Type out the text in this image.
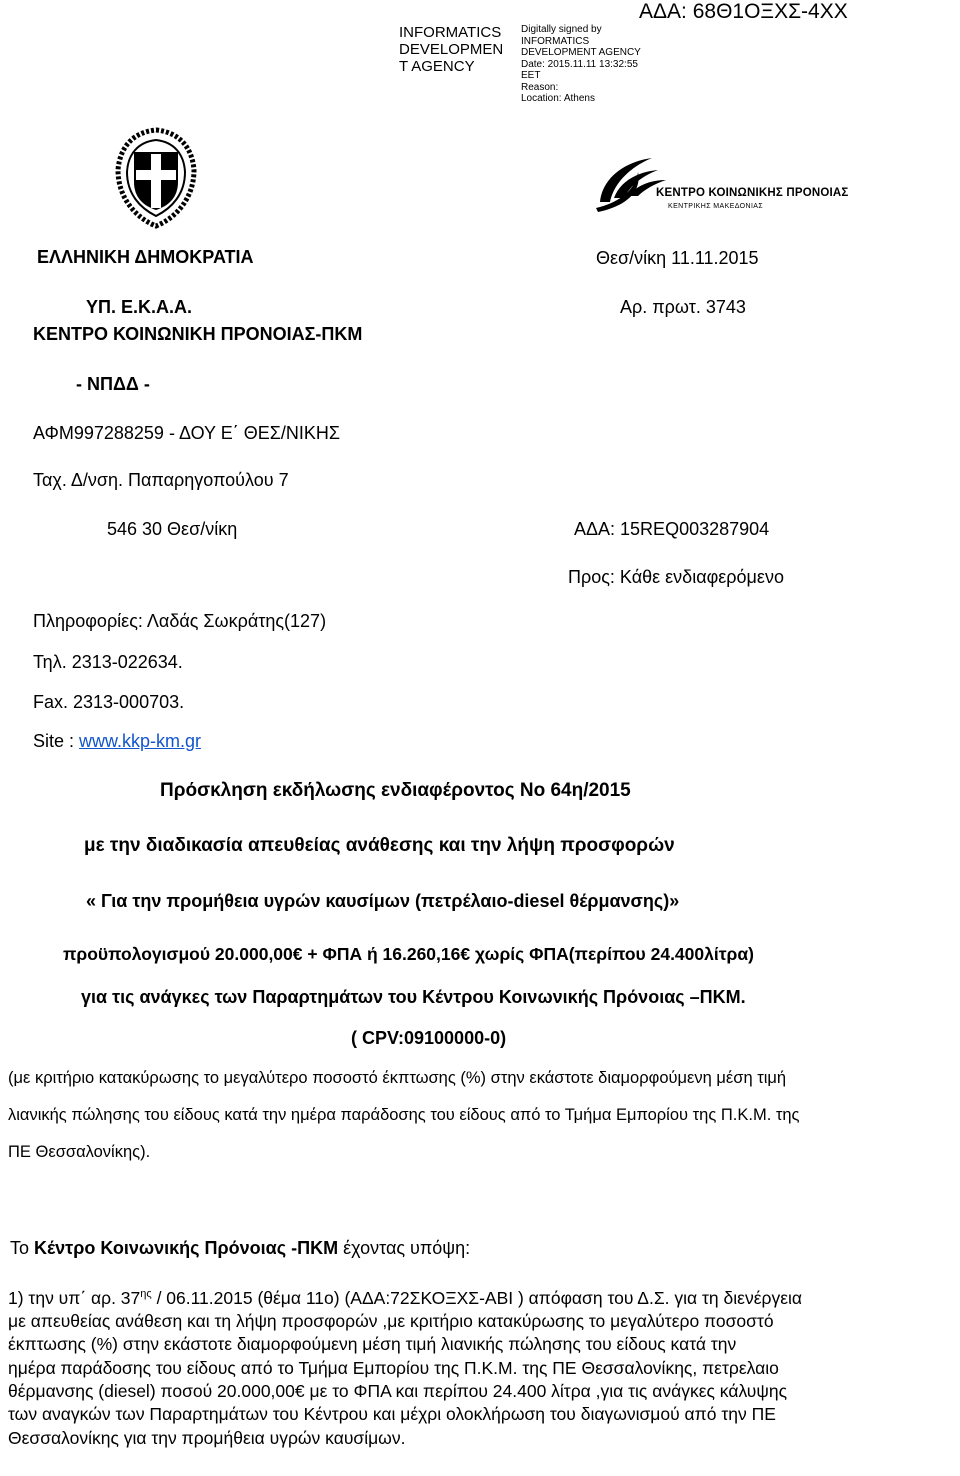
INFORMATICS
DEVELOPMEN
T AGENCY
Digitally signed by
INFORMATICS
DEVELOPMENT AGENCY
Date: 2015.11.11 13:32:55
EET
Reason:
Location: Athens
ΑΔΑ: 68Θ1ΟΞΧΣ-4ΧΧ
ΚΕΝΤΡΟ ΚΟΙΝΩΝΙΚΗΣ ΠΡΟΝΟΙΑΣ
ΚΕΝΤΡΙΚΗΣ ΜΑΚΕΔΟΝΙΑΣ
ΕΛΛΗΝΙΚΗ ΔΗΜΟΚΡΑΤΙΑ
ΥΠ. Ε.Κ.Α.Α.
ΚΕΝΤΡΟ ΚΟΙΝΩΝΙΚΗ ΠΡΟΝΟΙΑΣ-ΠΚΜ
- ΝΠΔΔ -
ΑΦΜ997288259 - ΔΟΥ Ε΄ ΘΕΣ/ΝΙΚΗΣ
Ταχ. Δ/νση. Παπαρηγοπούλου 7
546 30 Θεσ/νίκη
Πληροφορίες: Λαδάς Σωκράτης(127)
Τηλ. 2313-022634.
Fax. 2313-000703.
Site : www.kkp-km.gr
Θεσ/νίκη 11.11.2015
Αρ. πρωτ. 3743
ΑΔΑ: 15REQ003287904
Προς: Κάθε ενδιαφερόμενο
Πρόσκληση εκδήλωσης ενδιαφέροντος Νο 64η/2015
με την διαδικασία απευθείας ανάθεσης και την λήψη προσφορών
« Για την προμήθεια υγρών καυσίμων (πετρέλαιο-diesel θέρμανσης)»
προϋπολογισμού 20.000,00€ + ΦΠΑ ή 16.260,16€ χωρίς ΦΠΑ(περίπου 24.400λίτρα)
για τις ανάγκες των Παραρτημάτων του Κέντρου Κοινωνικής Πρόνοιας –ΠΚΜ.
( CPV:09100000-0)
(με κριτήριο κατακύρωσης το μεγαλύτερο ποσοστό έκπτωσης (%) στην εκάστοτε διαμορφούμενη μέση τιμή
λιανικής πώλησης του είδους κατά την ημέρα παράδοσης του είδους από το Τμήμα Εμπορίου της Π.Κ.Μ. της
ΠΕ Θεσσαλονίκης).
Το Κέντρο Κοινωνικής Πρόνοιας -ΠΚΜ έχοντας υπόψη:
1) την υπ΄ αρ. $37^{\eta\varsigma} / 06.11.2015$ (θέμα 11ο) (ΑΔΑ:72ΣΚΟΞΧΣ-ΑΒΙ ) απόφαση του Δ.Σ. για τη διενέργεια
με απευθείας ανάθεση και τη λήψη προσφορών ,με κριτήριο κατακύρωσης το μεγαλύτερο ποσοστό
έκπτωσης (%) στην εκάστοτε διαμορφούμενη μέση τιμή λιανικής πώλησης του είδους κατά την
ημέρα παράδοσης του είδους από το Τμήμα Εμπορίου της Π.Κ.Μ. της ΠΕ Θεσσαλονίκης, πετρελαιο
θέρμανσης (diesel) ποσού 20.000,00€ με το ΦΠΑ και περίπου 24.400 λίτρα ,για τις ανάγκες κάλυψης
των αναγκών των Παραρτημάτων του Κέντρου και μέχρι ολοκλήρωση του διαγωνισμού από την ΠΕ
Θεσσαλονίκης για την προμήθεια υγρών καυσίμων.
